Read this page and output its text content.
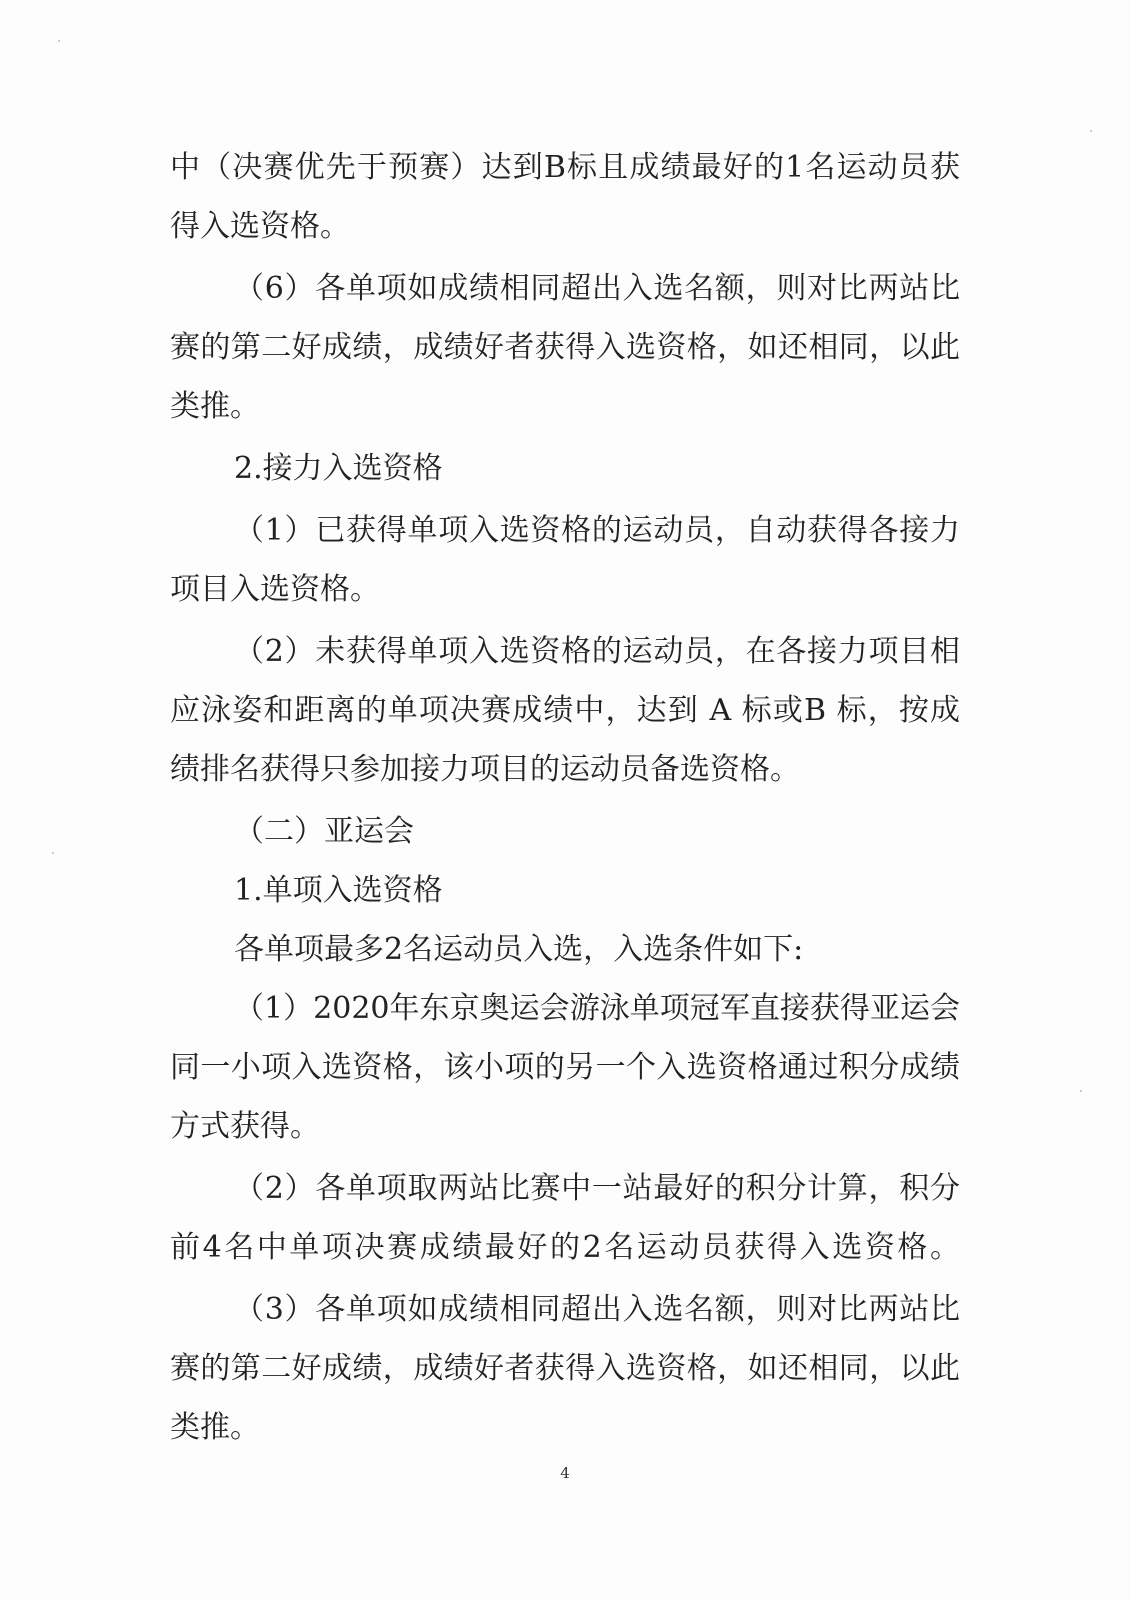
中（决赛优先于预赛）达到B标且成绩最好的1名运动员获
得入选资格。
（6）各单项如成绩相同超出入选名额，则对比两站比
赛的第二好成绩，成绩好者获得入选资格，如还相同，以此
类推。
2.接力入选资格
（1）已获得单项入选资格的运动员，自动获得各接力
项目入选资格。
（2）未获得单项入选资格的运动员，在各接力项目相
应泳姿和距离的单项决赛成绩中，达到 A 标或B 标，按成
绩排名获得只参加接力项目的运动员备选资格。
（二）亚运会
1.单项入选资格
各单项最多2名运动员入选，入选条件如下:
（1）2020年东京奥运会游泳单项冠军直接获得亚运会
同一小项入选资格，该小项的另一个入选资格通过积分成绩
方式获得。
（2）各单项取两站比赛中一站最好的积分计算，积分
前4名中单项决赛成绩最好的2名运动员获得入选资格。
（3）各单项如成绩相同超出入选名额，则对比两站比
赛的第二好成绩，成绩好者获得入选资格，如还相同，以此
类推。
4
